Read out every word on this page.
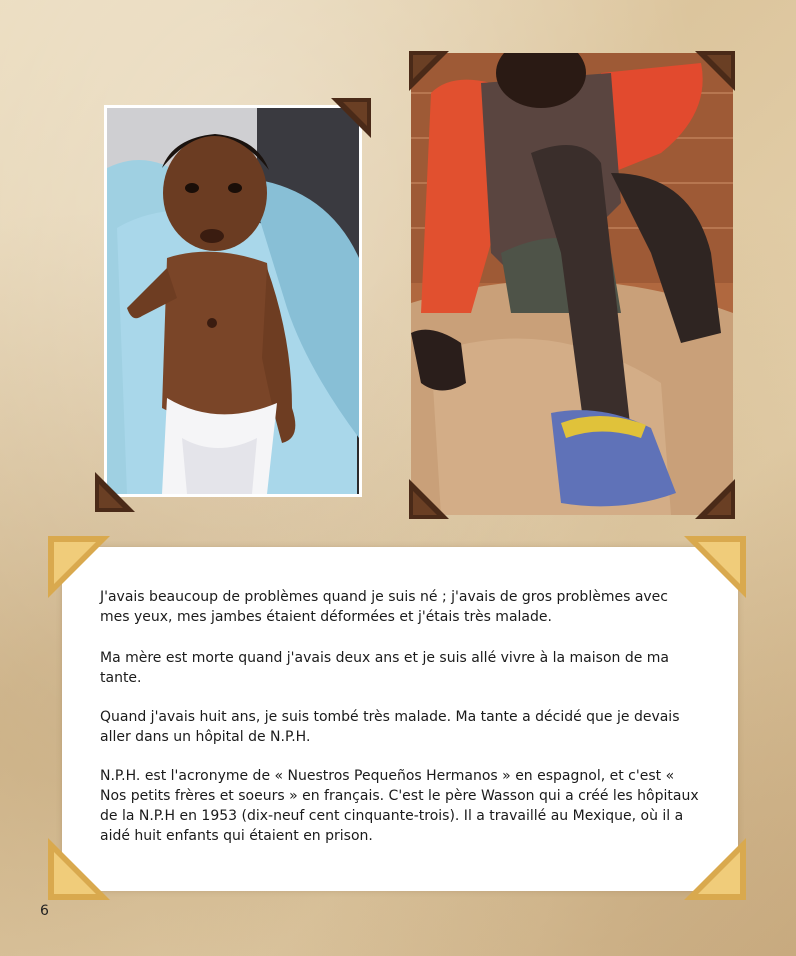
J'avais beaucoup de problèmes quand je suis né ; j'avais de gros problèmes avec mes yeux, mes jambes étaient déformées et j'étais très malade.

Ma mère est morte quand j'avais deux ans et je suis allé vivre à la maison de ma tante.

Quand j'avais huit ans, je suis tombé très malade. Ma tante a décidé que je devais aller dans un hôpital de N.P.H.

N.P.H. est l'acronyme de « Nuestros Pequeños Hermanos » en espagnol, et c'est « Nos petits frères et soeurs » en français. C'est le père Wasson qui a créé les hôpitaux de la N.P.H en 1953 (dix-neuf cent cinquante-trois). Il a travaillé au Mexique, où il a aidé huit enfants qui étaient en prison.

6
